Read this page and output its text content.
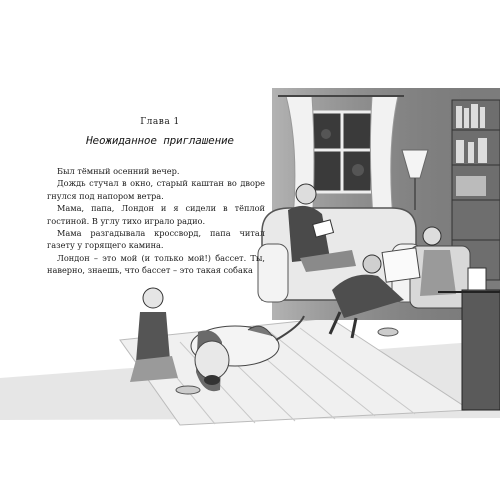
Глава 1
Неожиданное приглашение

Был тёмный осенний вечер.

Дождь стучал в окно, старый каштан во дворе гнулся под напором ветра.

Мама, папа, Лондон и я сидели в тёплой гостиной. В углу тихо играло радио.

Мама разгадывала кроссворд, папа читал газету у горящего камина.

Лондон – это мой (и только мой!) бассет. Ты, наверно, знаешь, что бассет – это такая собака
